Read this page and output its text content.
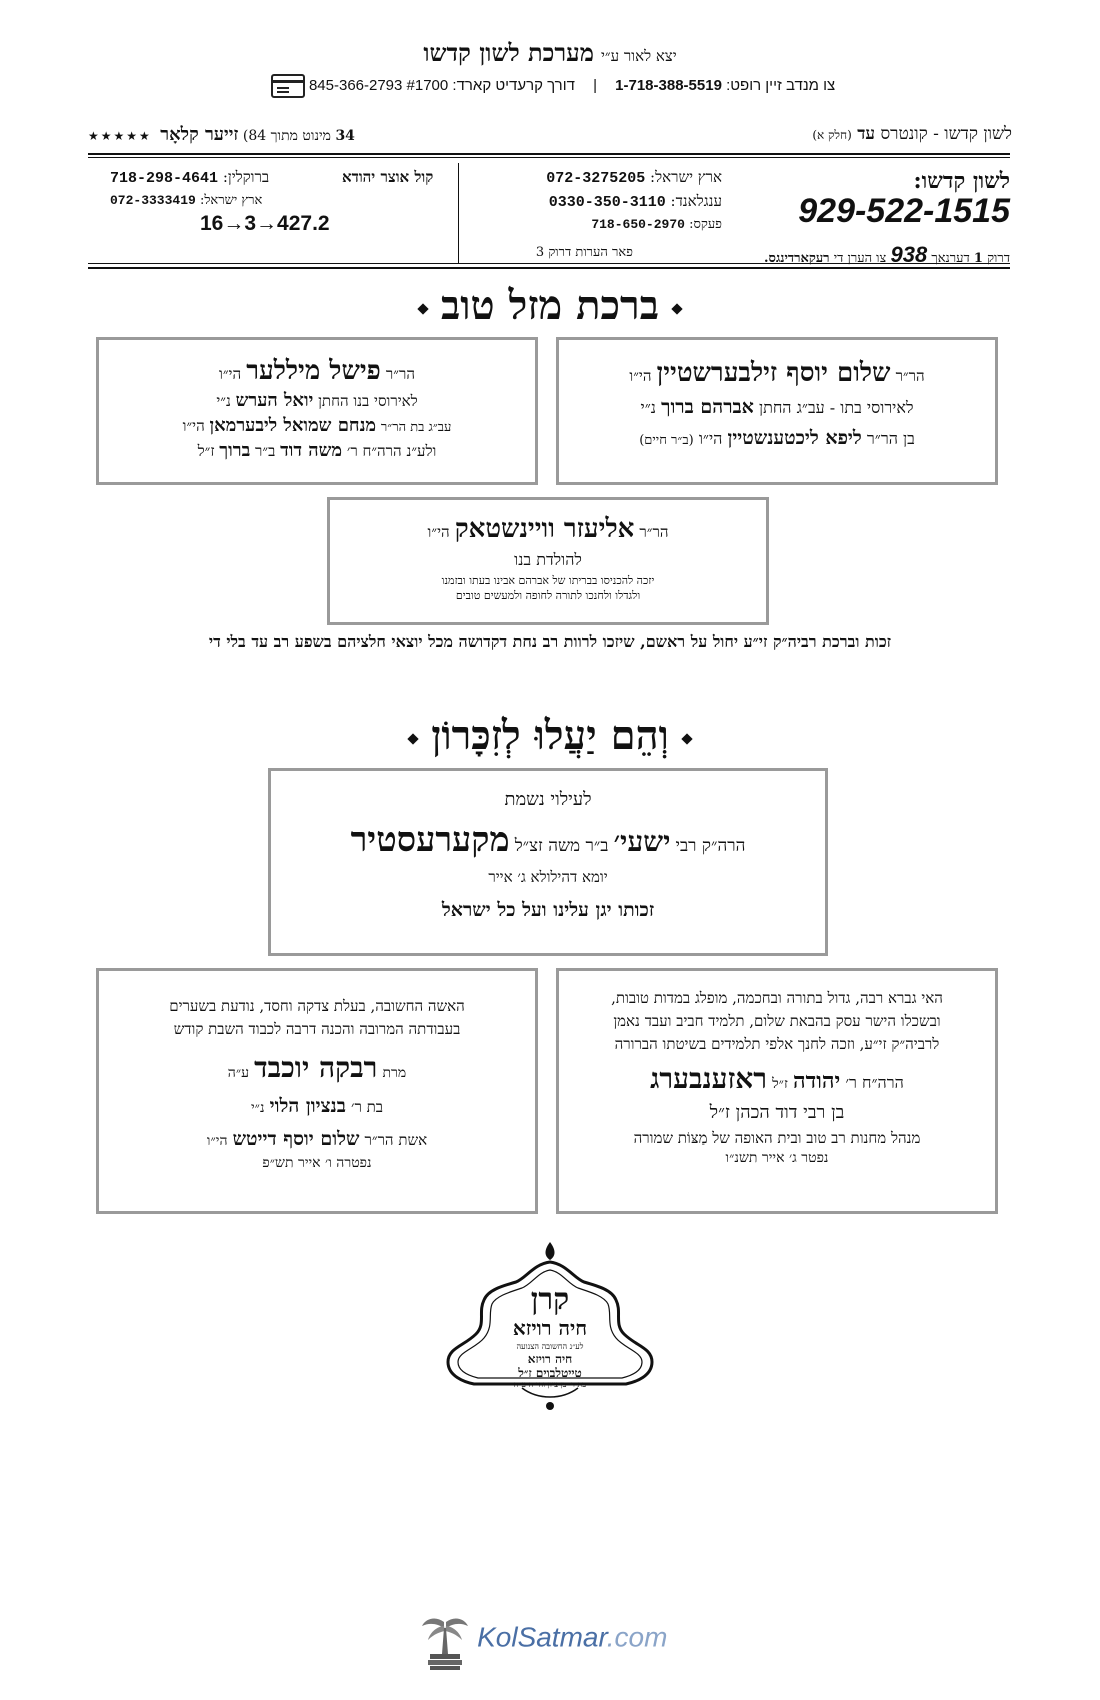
יצא לאור ע״י מערכת לשון קדשו
צו מנדב זיין רופט: 1-718-388-5519 | דורך קרעדיט קארד: 845-366-2793 #1700
לשון קדשו - קונטרס עד (חלק א)
34 מינוט מתוך 84) זייער קלאָר ★★★★★
לשון קדשו:
929-522-1515
דרוק 1 דערנאך 938 צו הערן די רעקארדינגס.
ארץ ישראל: 072-3275205
ענגלאנד: 0330-350-3110
פעקס: 718-650-2970
פאר הערות דרוק 3
קול אוצר יהודא
ברוקלין: 718-298-4641
ארץ ישראל: 072-3333419
16→3→427.2
ברכת מזל טוב
הר״ר שלום יוסף זילבערשטיין הי״ו
לאירוסי בתו - עב״ג החתן אברהם ברוך נ״י
בן הר״ר ליפא ליכטענשטיין הי״ו (ב״ר חיים)
הר״ר פישל מיללער הי״ו
לאירוסי בנו החתן יואל הערש נ״י
עב״ג בת הר״ר מנחם שמואל ליבערמאן הי״ו
ולע״נ הרה״ח ר׳ משה דוד ב״ר ברוך ז״ל
הר״ר אליעזר וויינשטאק הי״ו
להולדת בנו
יזכה להכניסו בבריתו של אברהם אבינו בעתו ובזמנו
ולגדלו ולחנכו לתורה לחופה ולמעשים טובים
זכות וברכת רביה״ק זי״ע יחול על ראשם, שיזכו לרוות רב נחת דקדושה מכל יוצאי חלציהם בשפע רב עד בלי די
וְהֵם יַעֲלוּ לְזִכָּרוֹן
לעילוי נשמת
הרה״ק רבי ישעי׳ ב״ר משה זצ״ל מקערעסטיר
יומא דהילולא ג׳ אייר
זכותו יגן עלינו ועל כל ישראל
האי גברא רבה, גדול בתורה ובחכמה, מופלג במדות טובות,
ובשכלו הישר עסק בהבאת שלום, תלמיד חביב ועבד נאמן
לרביה״ק זי״ע, וזכה לחנך אלפי תלמידים בשיטתו הברורה
הרה״ח ר׳ יהודה ז״ל ראזענבערג
בן רבי דוד הכהן ז״ל
מנהל מחנות רב טוב ובית האופה של מַצּוֹת שמורה
נפטר ג׳ אייר תשנ״ו
האשה החשובה, בעלת צדקה וחסד, נודעת בשערים
בעבודתה המרובה והכנה דרבה לכבוד השבת קודש
מרת רבקה יוכבד ע״ה
בת ר׳ בנציון הלוי נ״י
אשת הר״ר שלום יוסף דייטש הי״ו
נפטרה ו׳ אייר תש״פ
קרן
חיה רויזא
לע״נ החשובה הצנועה
חיה רויזא
טייטלבוים ז״ל
בת ר׳ בן ציון וחי״ה ע״ה
KolSatmar.com
